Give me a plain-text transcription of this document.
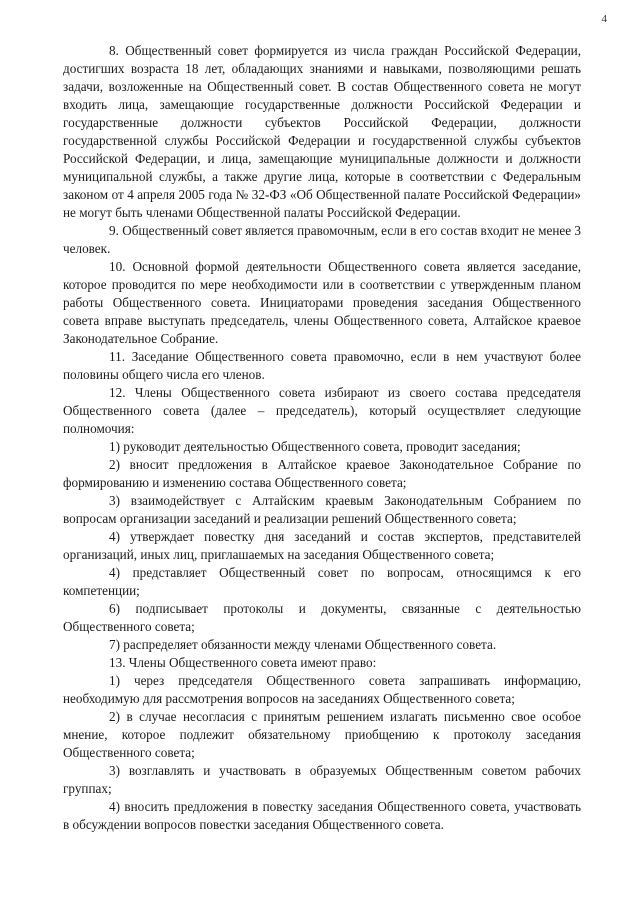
4

8. Общественный совет формируется из числа граждан Российской Федерации, достигших возраста 18 лет, обладающих знаниями и навыками, позволяющими решать задачи, возложенные на Общественный совет. В состав Общественного совета не могут входить лица, замещающие государственные должности Российской Федерации и государственные должности субъектов Российской Федерации, должности государственной службы Российской Федерации и государственной службы субъектов Российской Федерации, и лица, замещающие муниципальные должности и должности муниципальной службы, а также другие лица, которые в соответствии с Федеральным законом от 4 апреля 2005 года № 32-ФЗ «Об Общественной палате Российской Федерации» не могут быть членами Общественной палаты Российской Федерации.

9. Общественный совет является правомочным, если в его состав входит не менее 3 человек.

10. Основной формой деятельности Общественного совета является заседание, которое проводится по мере необходимости или в соответствии с утвержденным планом работы Общественного совета. Инициаторами проведения заседания Общественного совета вправе выступать председатель, члены Общественного совета, Алтайское краевое Законодательное Собрание.

11. Заседание Общественного совета правомочно, если в нем участвуют более половины общего числа его членов.

12. Члены Общественного совета избирают из своего состава председателя Общественного совета (далее – председатель), который осуществляет следующие полномочия:

1) руководит деятельностью Общественного совета, проводит заседания;

2) вносит предложения в Алтайское краевое Законодательное Собрание по формированию и изменению состава Общественного совета;

3) взаимодействует с Алтайским краевым Законодательным Собранием по вопросам организации заседаний и реализации решений Общественного совета;

4) утверждает повестку дня заседаний и состав экспертов, представителей организаций, иных лиц, приглашаемых на заседания Общественного совета;

4) представляет Общественный совет по вопросам, относящимся к его компетенции;

6) подписывает протоколы и документы, связанные с деятельностью Общественного совета;

7) распределяет обязанности между членами Общественного совета.

13. Члены Общественного совета имеют право:

1) через председателя Общественного совета запрашивать информацию, необходимую для рассмотрения вопросов на заседаниях Общественного совета;

2) в случае несогласия с принятым решением излагать письменно свое особое мнение, которое подлежит обязательному приобщению к протоколу заседания Общественного совета;

3) возглавлять и участвовать в образуемых Общественным советом рабочих группах;

4) вносить предложения в повестку заседания Общественного совета, участвовать в обсуждении вопросов повестки заседания Общественного совета.
